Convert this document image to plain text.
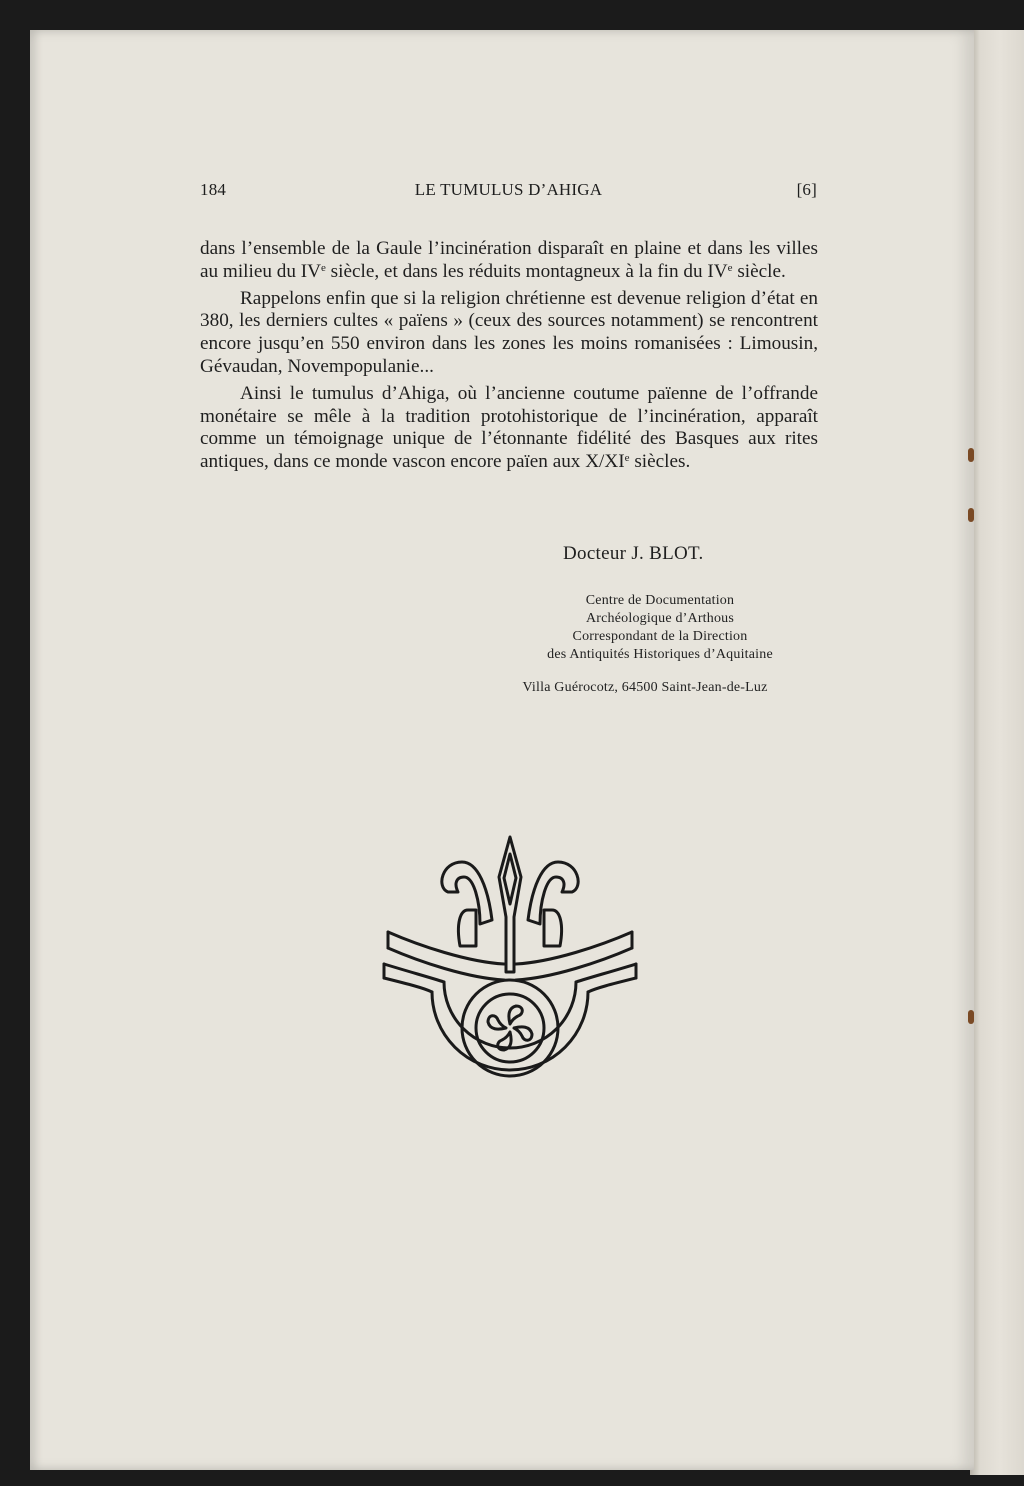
184	LE TUMULUS D’AHIGA	[6]

dans l’ensemble de la Gaule l’incinération disparaît en plaine et dans les villes au milieu du IVe siècle, et dans les réduits montagneux à la fin du IVe siècle.

Rappelons enfin que si la religion chrétienne est devenue religion d’état en 380, les derniers cultes « païens » (ceux des sources notamment) se rencontrent encore jusqu’en 550 environ dans les zones les moins romanisées : Limousin, Gévaudan, Novempopulanie...

Ainsi le tumulus d’Ahiga, où l’ancienne coutume païenne de l’offrande monétaire se mêle à la tradition protohistorique de l’incinération, apparaît comme un témoignage unique de l’étonnante fidélité des Basques aux rites antiques, dans ce monde vascon encore païen aux X/XIe siècles.

Docteur J. BLOT.
Centre de Documentation
Archéologique d’Arthous
Correspondant de la Direction
des Antiquités Historiques d’Aquitaine
Villa Guérocotz, 64500 Saint-Jean-de-Luz
